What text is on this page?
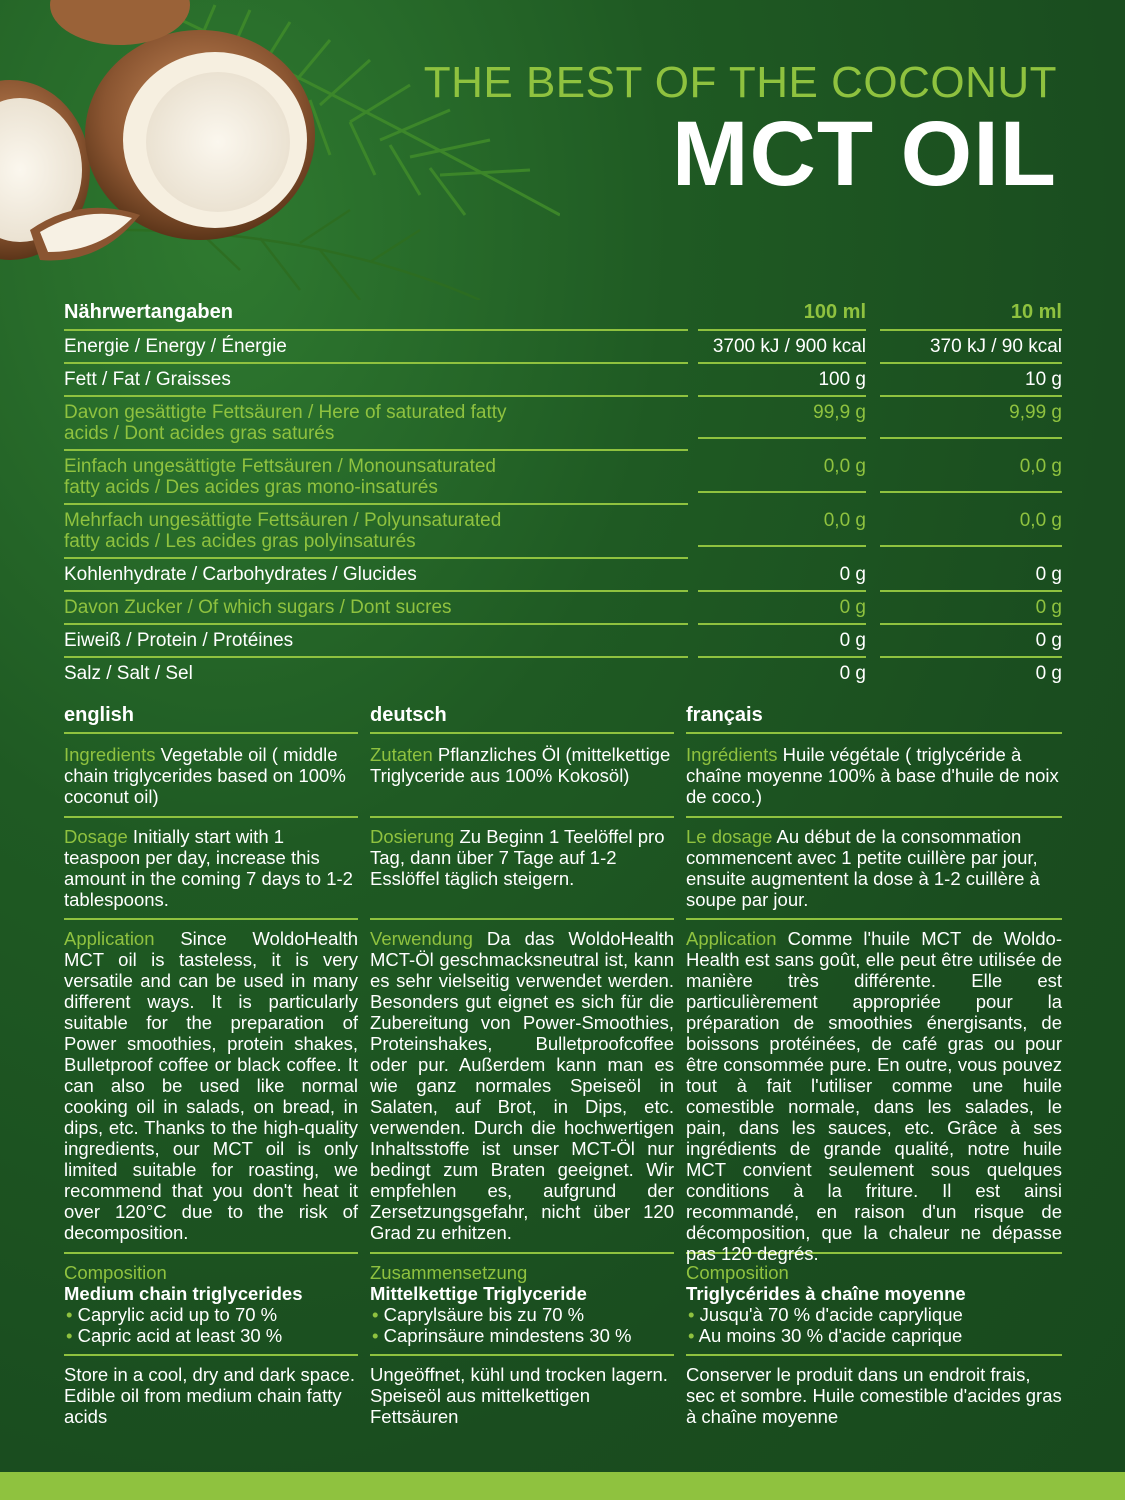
THE BEST OF THE COCONUT
MCT OIL
Nährwertangaben	100 ml	10 ml
Energie / Energy / Énergie	3700 kJ / 900 kcal	370 kJ / 90 kcal
Fett / Fat / Graisses	100 g	10 g
Davon gesättigte Fettsäuren / Here of saturated fatty acids / Dont acides gras saturés
99,9 g	9,99 g
Einfach ungesättigte Fettsäuren / Monounsaturated fatty acids / Des acides gras mono-insaturés
0,0 g	0,0 g
Mehrfach ungesättigte Fettsäuren / Polyunsaturated fatty acids / Les acides gras polyinsaturés
0,0 g	0,0 g
Kohlenhydrate / Carbohydrates / Glucides	0 g	0 g
Davon Zucker / Of which sugars / Dont sucres	0 g	0 g
Eiweiß / Protein / Protéines	0 g	0 g
Salz / Salt / Sel	0 g	0 g
english
Ingredients Vegetable oil ( middle chain triglycerides based on 100% coconut oil)
Dosage Initially start with 1 teaspoon per day, increase this amount in the coming 7 days to 1-2 tablespoons.
Application Since WoldoHealth MCT oil is tasteless, it is very versatile and can be used in many different ways. It is particularly suitable for the preparation of Power smoothies, protein shakes, Bulletproof coffee or black coffee. It can also be used like normal cooking oil in salads, on bread, in dips, etc. Thanks to the high-quality ingredients, our MCT oil is only limited suitable for roasting, we recommend that you don't heat it over 120°C due to the risk of decomposition.
Composition
Medium chain triglycerides
• Caprylic acid up to 70 %
• Capric acid at least 30 %
Store in a cool, dry and dark space. Edible oil from medium chain fatty acids
deutsch
Zutaten Pflanzliches Öl (mittelkettige Triglyceride aus 100% Kokosöl)
Dosierung Zu Beginn 1 Teelöffel pro Tag, dann über 7 Tage auf 1-2 Esslöffel täglich steigern.
Verwendung Da das WoldoHealth MCT-Öl geschmacksneutral ist, kann es sehr vielseitig verwendet werden. Besonders gut eignet es sich für die Zubereitung von Power-Smoothies, Proteinshakes, Bulletproofcoffee oder pur. Außerdem kann man es wie ganz normales Speiseöl in Salaten, auf Brot, in Dips, etc. verwenden. Durch die hochwertigen Inhaltsstoffe ist unser MCT-Öl nur bedingt zum Braten geeignet. Wir empfehlen es, aufgrund der Zersetzungsgefahr, nicht über 120 Grad zu erhitzen.
Zusammensetzung
Mittelkettige Triglyceride
• Caprylsäure bis zu 70 %
• Caprinsäure mindestens 30 %
Ungeöffnet, kühl und trocken lagern. Speiseöl aus mittelkettigen Fettsäuren
français
Ingrédients Huile végétale ( triglycéride à chaîne moyenne 100% à base d'huile de noix de coco.)
Le dosage Au début de la consommation commencent avec 1 petite cuillère par jour, ensuite augmentent la dose à 1-2 cuillère à soupe par jour.
Application Comme l'huile MCT de Woldo-Health est sans goût, elle peut être utilisée de manière très différente. Elle est particulièrement appropriée pour la préparation de smoothies énergisants, de boissons protéinées, de café gras ou pour être consommée pure. En outre, vous pouvez tout à fait l'utiliser comme une huile comestible normale, dans les salades, le pain, dans les sauces, etc. Grâce à ses ingrédients de grande qualité, notre huile MCT convient seulement sous quelques conditions à la friture. Il est ainsi recommandé, en raison d'un risque de décomposition, que la chaleur ne dépasse pas 120 degrés.
Composition
Triglycérides à chaîne moyenne
• Jusqu'à 70 % d'acide caprylique
• Au moins 30 % d'acide caprique
Conserver le produit dans un endroit frais, sec et sombre. Huile comestible d'acides gras à chaîne moyenne
